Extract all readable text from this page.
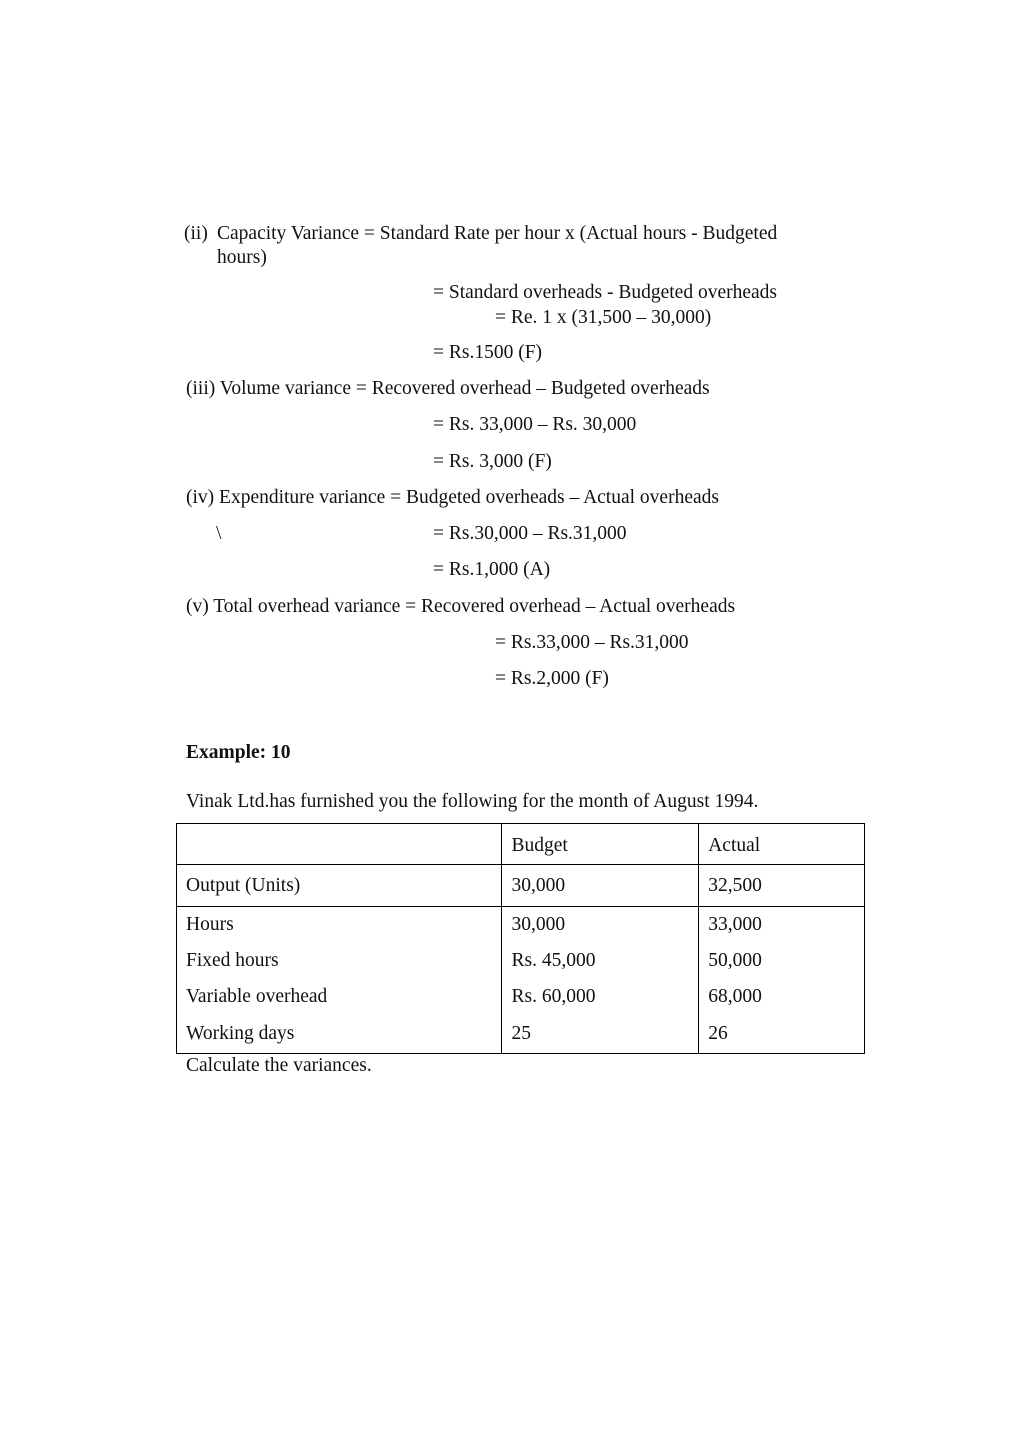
(ii) Capacity Variance = Standard Rate per hour x (Actual hours - Budgeted
hours)
= Standard overheads - Budgeted overheads
= Re. 1 x (31,500 – 30,000)
= Rs.1500 (F)
(iii) Volume variance = Recovered overhead – Budgeted overheads
= Rs. 33,000 – Rs. 30,000
= Rs. 3,000 (F)
(iv) Expenditure variance = Budgeted overheads – Actual overheads
\	= Rs.30,000 – Rs.31,000
= Rs.1,000 (A)
(v) Total overhead variance = Recovered overhead – Actual overheads
= Rs.33,000 – Rs.31,000
= Rs.2,000 (F)
Example: 10
Vinak Ltd.has furnished you the following for the month of August 1994.
	Budget	Actual
Output (Units)	30,000	32,500
Hours	30,000	33,000
Fixed hours	Rs. 45,000	50,000
Variable overhead	Rs. 60,000	68,000
Working days	25	26
Calculate the variances.
